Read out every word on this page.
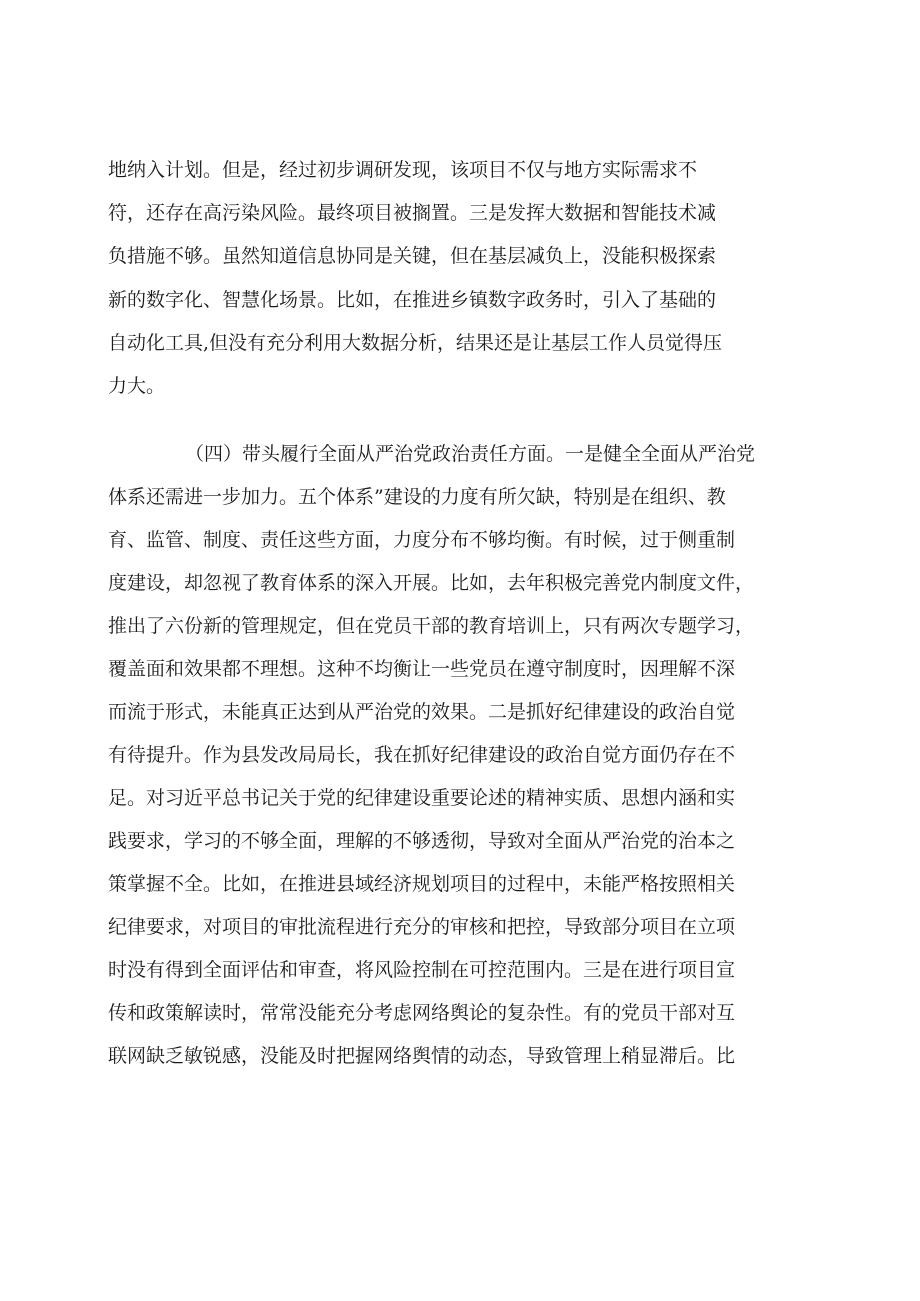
地纳入计划。但是，经过初步调研发现，该项目不仅与地方实际需求不

符，还存在高污染风险。最终项目被搁置。三是发挥大数据和智能技术减

负措施不够。虽然知道信息协同是关键，但在基层减负上，没能积极探索

新的数字化、智慧化场景。比如，在推进乡镇数字政务时，引入了基础的

自动化工具,但没有充分利用大数据分析，结果还是让基层工作人员觉得压

力大。

（四）带头履行全面从严治党政治责任方面。一是健全全面从严治党

体系还需进一步加力。五个体系”建设的力度有所欠缺，特别是在组织、教

育、监管、制度、责任这些方面，力度分布不够均衡。有时候，过于侧重制

度建设，却忽视了教育体系的深入开展。比如，去年积极完善党内制度文件，

推出了六份新的管理规定，但在党员干部的教育培训上，只有两次专题学习，

覆盖面和效果都不理想。这种不均衡让一些党员在遵守制度时，因理解不深

而流于形式，未能真正达到从严治党的效果。二是抓好纪律建设的政治自觉

有待提升。作为县发改局局长，我在抓好纪律建设的政治自觉方面仍存在不

足。对习近平总书记关于党的纪律建设重要论述的精神实质、思想内涵和实

践要求，学习的不够全面，理解的不够透彻，导致对全面从严治党的治本之

策掌握不全。比如，在推进县域经济规划项目的过程中，未能严格按照相关

纪律要求，对项目的审批流程进行充分的审核和把控，导致部分项目在立项

时没有得到全面评估和审查，将风险控制在可控范围内。三是在进行项目宣

传和政策解读时，常常没能充分考虑网络舆论的复杂性。有的党员干部对互

联网缺乏敏锐感，没能及时把握网络舆情的动态，导致管理上稍显滞后。比
